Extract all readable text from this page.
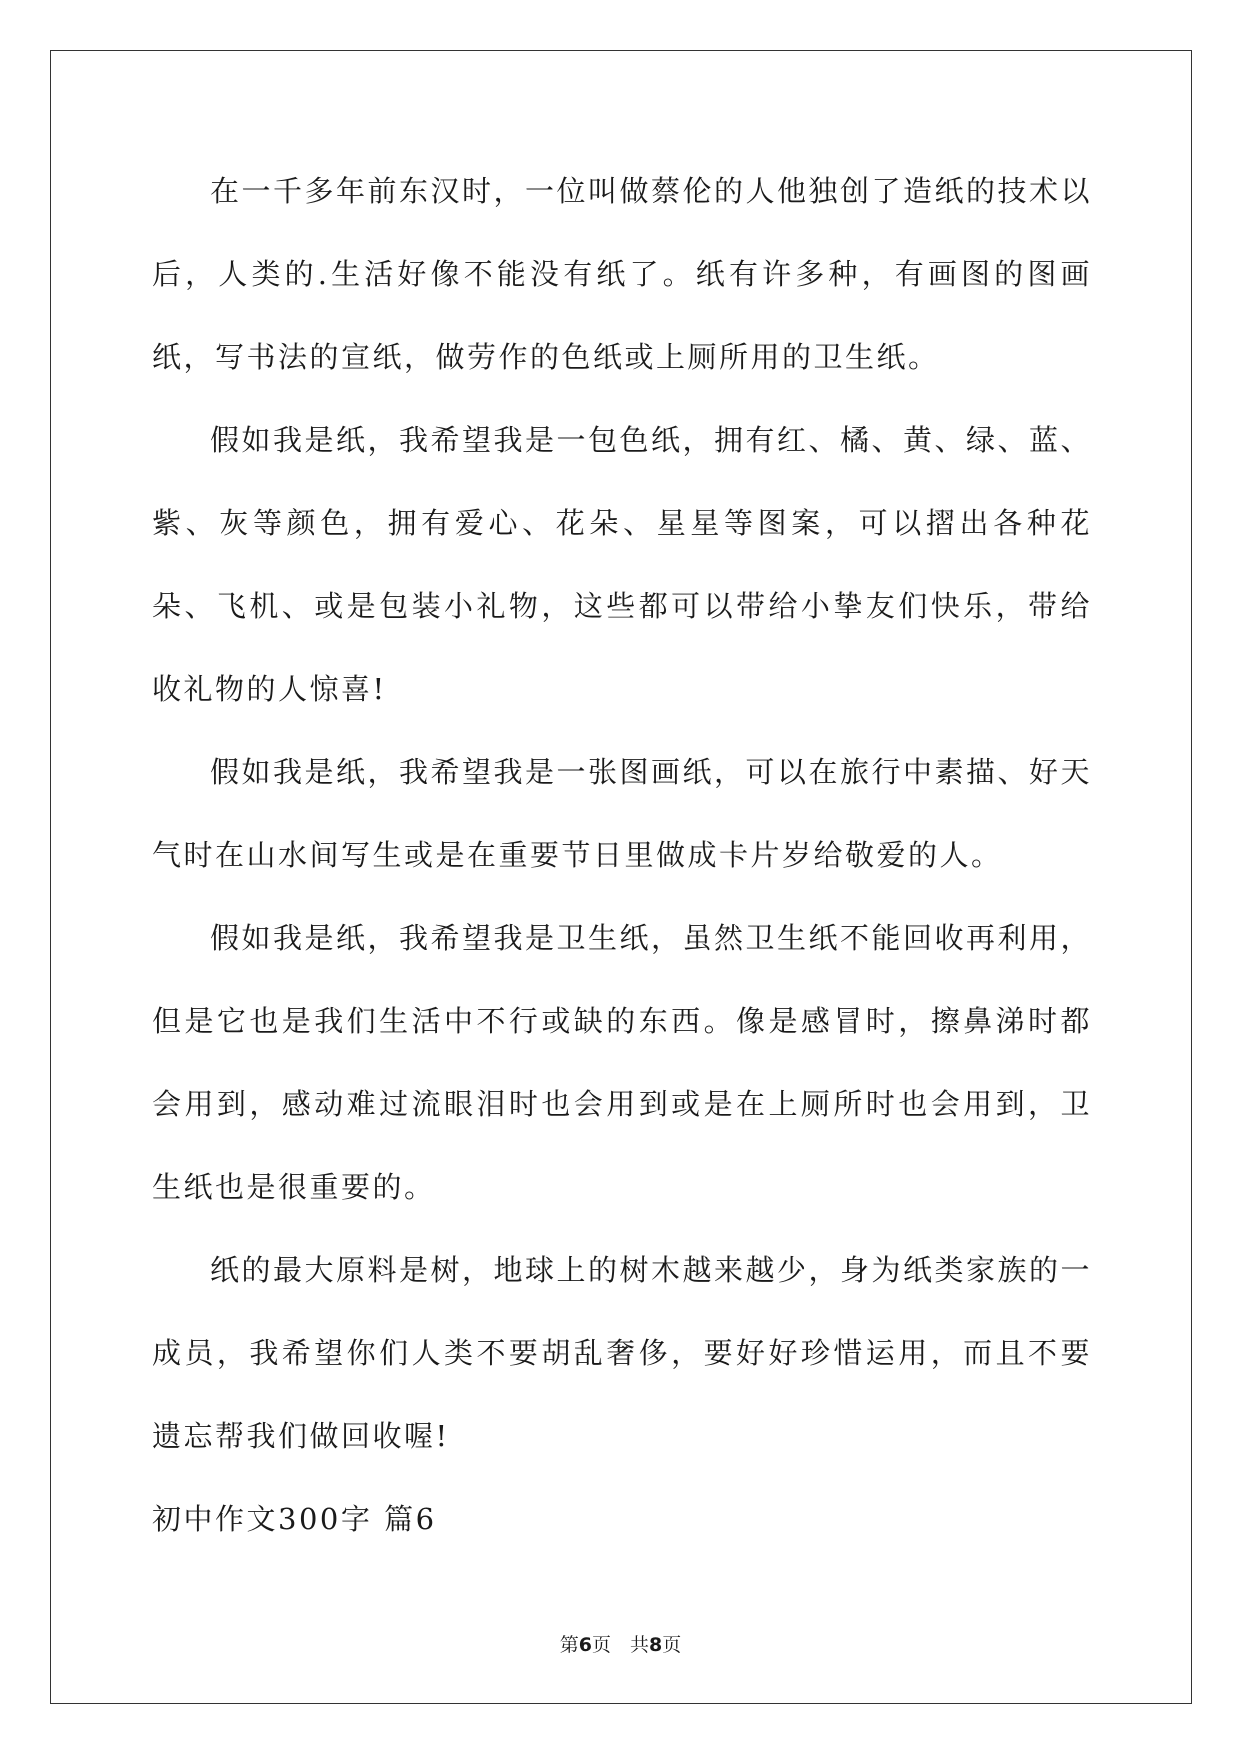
在一千多年前东汉时，一位叫做蔡伦的人他独创了造纸的技术以后，人类的.生活好像不能没有纸了。纸有许多种，有画图的图画纸，写书法的宣纸，做劳作的色纸或上厕所用的卫生纸。

假如我是纸，我希望我是一包色纸，拥有红、橘、黄、绿、蓝、紫、灰等颜色，拥有爱心、花朵、星星等图案，可以摺出各种花朵、飞机、或是包装小礼物，这些都可以带给小挚友们快乐，带给收礼物的人惊喜!

假如我是纸，我希望我是一张图画纸，可以在旅行中素描、好天气时在山水间写生或是在重要节日里做成卡片岁给敬爱的人。

假如我是纸，我希望我是卫生纸，虽然卫生纸不能回收再利用，但是它也是我们生活中不行或缺的东西。像是感冒时，擦鼻涕时都会用到，感动难过流眼泪时也会用到或是在上厕所时也会用到，卫生纸也是很重要的。

纸的最大原料是树，地球上的树木越来越少，身为纸类家族的一成员，我希望你们人类不要胡乱奢侈，要好好珍惜运用，而且不要遗忘帮我们做回收喔!

初中作文300字 篇6

第6页　共8页
